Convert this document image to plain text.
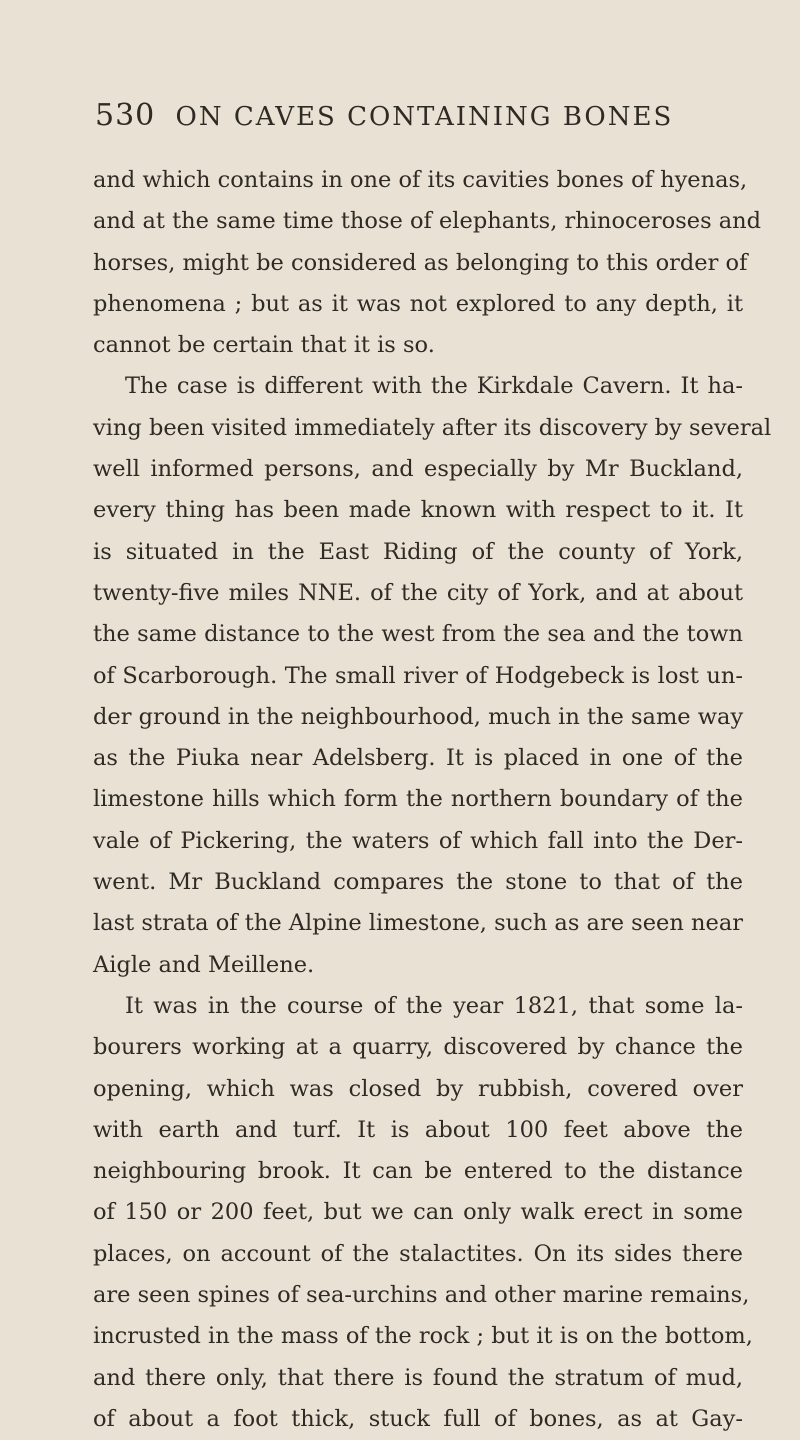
530 ON CAVES CONTAINING BONES
and which contains in one of its cavities bones of hyenas,
and at the same time those of elephants, rhinoceroses and
horses, might be considered as belonging to this order of
phenomena ; but as it was not explored to any depth, it
cannot be certain that it is so.
The case is different with the Kirkdale Cavern. It ha-
ving been visited immediately after its discovery by several
well informed persons, and especially by Mr Buckland,
every thing has been made known with respect to it. It
is situated in the East Riding of the county of York,
twenty-five miles NNE. of the city of York, and at about
the same distance to the west from the sea and the town
of Scarborough. The small river of Hodgebeck is lost un-
der ground in the neighbourhood, much in the same way
as the Piuka near Adelsberg. It is placed in one of the
limestone hills which form the northern boundary of the
vale of Pickering, the waters of which fall into the Der-
went. Mr Buckland compares the stone to that of the
last strata of the Alpine limestone, such as are seen near
Aigle and Meillene.
It was in the course of the year 1821, that some la-
bourers working at a quarry, discovered by chance the
opening, which was closed by rubbish, covered over
with earth and turf. It is about 100 feet above the
neighbouring brook. It can be entered to the distance
of 150 or 200 feet, but we can only walk erect in some
places, on account of the stalactites. On its sides there
are seen spines of sea-urchins and other marine remains,
incrusted in the mass of the rock ; but it is on the bottom,
and there only, that there is found the stratum of mud,
of about a foot thick, stuck full of bones, as at Gay-
